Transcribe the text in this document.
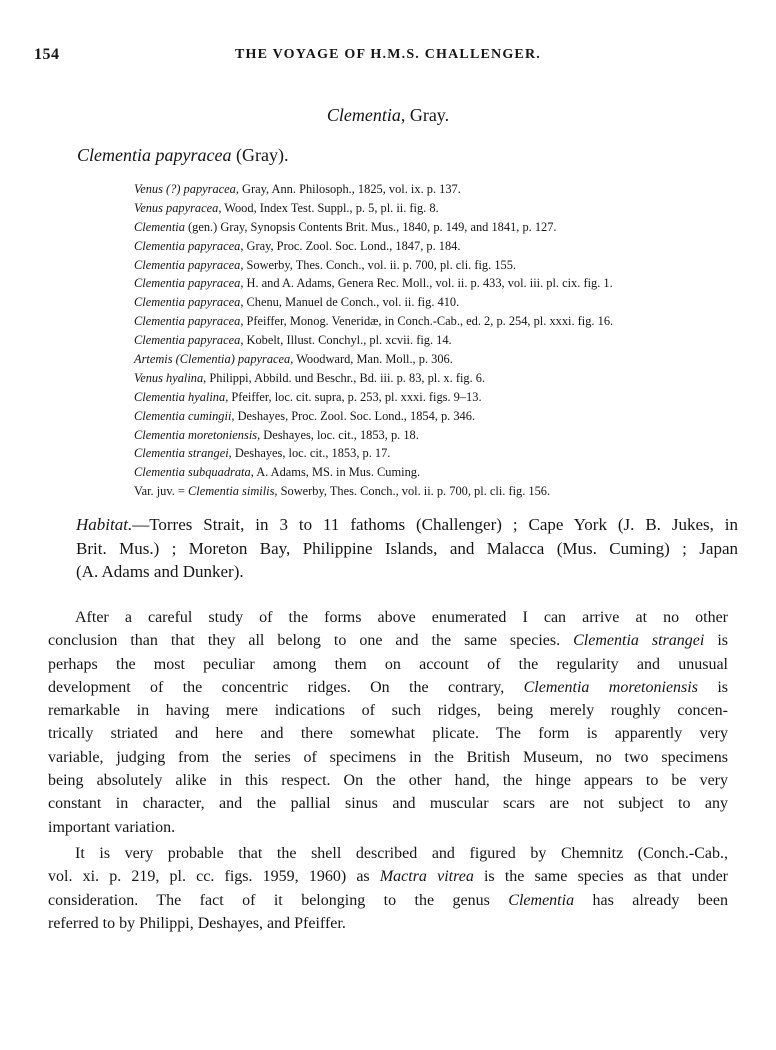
154	THE VOYAGE OF H.M.S. CHALLENGER.
Clementia, Gray.
Clementia papyracea (Gray).
Venus (?) papyracea, Gray, Ann. Philosoph., 1825, vol. ix. p. 137.
Venus papyracea, Wood, Index Test. Suppl., p. 5, pl. ii. fig. 8.
Clementia (gen.) Gray, Synopsis Contents Brit. Mus., 1840, p. 149, and 1841, p. 127.
Clementia papyracea, Gray, Proc. Zool. Soc. Lond., 1847, p. 184.
Clementia papyracea, Sowerby, Thes. Conch., vol. ii. p. 700, pl. cli. fig. 155.
Clementia papyracea, H. and A. Adams, Genera Rec. Moll., vol. ii. p. 433, vol. iii. pl. cix. fig. 1.
Clementia papyracea, Chenu, Manuel de Conch., vol. ii. fig. 410.
Clementia papyracea, Pfeiffer, Monog. Veneridæ, in Conch.-Cab., ed. 2, p. 254, pl. xxxi. fig. 16.
Clementia papyracea, Kobelt, Illust. Conchyl., pl. xcvii. fig. 14.
Artemis (Clementia) papyracea, Woodward, Man. Moll., p. 306.
Venus hyalina, Philippi, Abbild. und Beschr., Bd. iii. p. 83, pl. x. fig. 6.
Clementia hyalina, Pfeiffer, loc. cit. supra, p. 253, pl. xxxi. figs. 9–13.
Clementia cumingii, Deshayes, Proc. Zool. Soc. Lond., 1854, p. 346.
Clementia moretoniensis, Deshayes, loc. cit., 1853, p. 18.
Clementia strangei, Deshayes, loc. cit., 1853, p. 17.
Clementia subquadrata, A. Adams, MS. in Mus. Cuming.
Var. juv. = Clementia similis, Sowerby, Thes. Conch., vol. ii. p. 700, pl. cli. fig. 156.

Habitat.—Torres Strait, in 3 to 11 fathoms (Challenger) ; Cape York (J. B. Jukes, in
Brit. Mus.) ; Moreton Bay, Philippine Islands, and Malacca (Mus. Cuming) ; Japan
(A. Adams and Dunker).

After a careful study of the forms above enumerated I can arrive at no other
conclusion than that they all belong to one and the same species. Clementia strangei is
perhaps the most peculiar among them on account of the regularity and unusual
development of the concentric ridges. On the contrary, Clementia moretoniensis is
remarkable in having mere indications of such ridges, being merely roughly concen-
trically striated and here and there somewhat plicate. The form is apparently very
variable, judging from the series of specimens in the British Museum, no two specimens
being absolutely alike in this respect. On the other hand, the hinge appears to be very
constant in character, and the pallial sinus and muscular scars are not subject to any
important variation.

It is very probable that the shell described and figured by Chemnitz (Conch.-Cab.,
vol. xi. p. 219, pl. cc. figs. 1959, 1960) as Mactra vitrea is the same species as that under
consideration. The fact of it belonging to the genus Clementia has already been
referred to by Philippi, Deshayes, and Pfeiffer.
